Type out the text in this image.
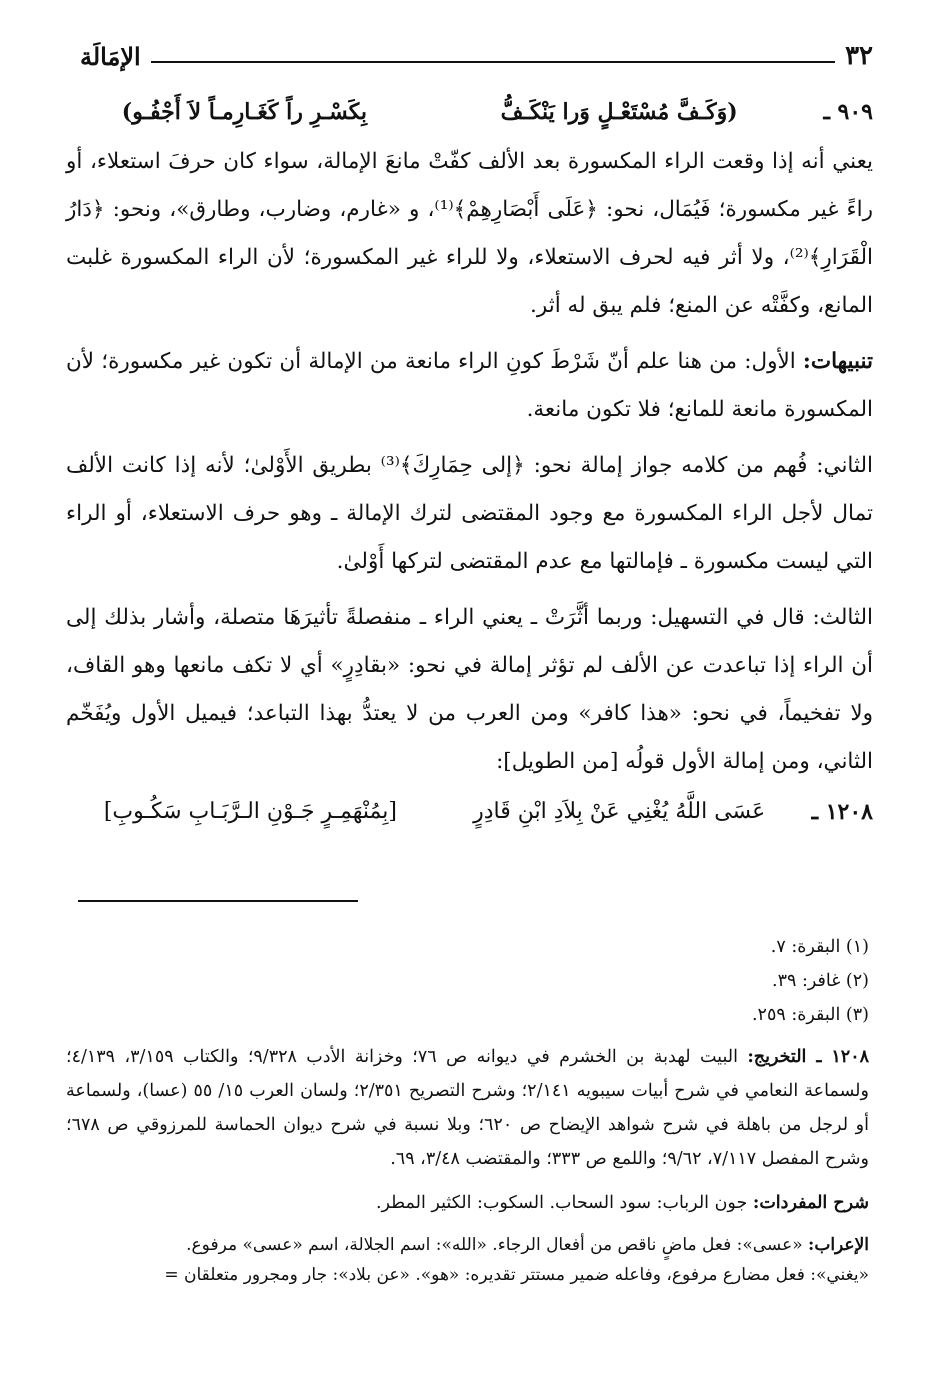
٣٢
الإمَالَة
٩٠٩ ـ
(وَكَـفَّ مُسْتَعْـلٍ وَرا يَنْكَـفُّ
بِكَسْـرِ راً كَغَـارِمـاً لاَ أَجْفُـو)

يعني أنه إذا وقعت الراء المكسورة بعد الألف كفّتْ مانعَ الإمالة، سواء كان حرفَ استعلاء، أو راءً غير مكسورة؛ فَيُمَال، نحو: ﴿عَلَى أَبْصَارِهِمْ﴾⁽¹⁾، و «غارم، وضارب، وطارق»، ونحو: ﴿دَارُ الْقَرَارِ﴾⁽²⁾، ولا أثر فيه لحرف الاستعلاء، ولا للراء غير المكسورة؛ لأن الراء المكسورة غلبت المانع، وكفَّتْه عن المنع؛ فلم يبق له أثر.

تنبيهات: الأول: من هنا علم أنّ شَرْطَ كونِ الراء مانعة من الإمالة أن تكون غير مكسورة؛ لأن المكسورة مانعة للمانع؛ فلا تكون مانعة.

الثاني: فُهم من كلامه جواز إمالة نحو: ﴿إلى حِمَارِكَ﴾⁽³⁾ بطريق الأَوْلىٰ؛ لأنه إذا كانت الألف تمال لأجل الراء المكسورة مع وجود المقتضى لترك الإمالة ـ وهو حرف الاستعلاء، أو الراء التي ليست مكسورة ـ فإمالتها مع عدم المقتضى لتركها أَوْلىٰ.

الثالث: قال في التسهيل: وربما أثَّرَتْ ـ يعني الراء ـ منفصلةً تأثيرَهَا متصلة، وأشار بذلك إلى أن الراء إذا تباعدت عن الألف لم تؤثر إمالة في نحو: «بقادِرٍ» أي لا تكف مانعها وهو القاف، ولا تفخيماً، في نحو: «هذا كافر» ومن العرب من لا يعتدُّ بهذا التباعد؛ فيميل الأول ويُفَخّم الثاني، ومن إمالة الأول قولُه [من الطويل]:

١٢٠٨ ـ
عَسَى اللَّهُ يُغْنِي عَنْ بِلاَدِ ابْنِ قَادِرٍ
[بِمُنْهَمِـرٍ جَـوْنِ الـرَّبَـابِ سَكُـوبِ]
(١) البقرة: ٧.
(٢) غافر: ٣٩.
(٣) البقرة: ٢٥٩.
١٢٠٨ ـ التخريج: البيت لهدبة بن الخشرم في ديوانه ص ٧٦؛ وخزانة الأدب ٩/٣٢٨؛ والكتاب ٣/١٥٩، ٤/١٣٩؛ ولسماعة النعامي في شرح أبيات سيبويه ٢/١٤١؛ وشرح التصريح ٢/٣٥١؛ ولسان العرب ١٥/ ٥٥ (عسا)، ولسماعة أو لرجل من باهلة في شرح شواهد الإيضاح ص ٦٢٠؛ وبلا نسبة في شرح ديوان الحماسة للمرزوقي ص ٦٧٨؛ وشرح المفصل ٧/١١٧، ٩/٦٢؛ واللمع ص ٣٣٣؛ والمقتضب ٣/٤٨، ٦٩.
شرح المفردات: جون الرباب: سود السحاب. السكوب: الكثير المطر.
الإعراب: «عسى»: فعل ماضٍ ناقص من أفعال الرجاء. «الله»: اسم الجلالة، اسم «عسى» مرفوع.
«يغني»: فعل مضارع مرفوع، وفاعله ضمير مستتر تقديره: «هو». «عن بلاد»: جار ومجرور متعلقان =
